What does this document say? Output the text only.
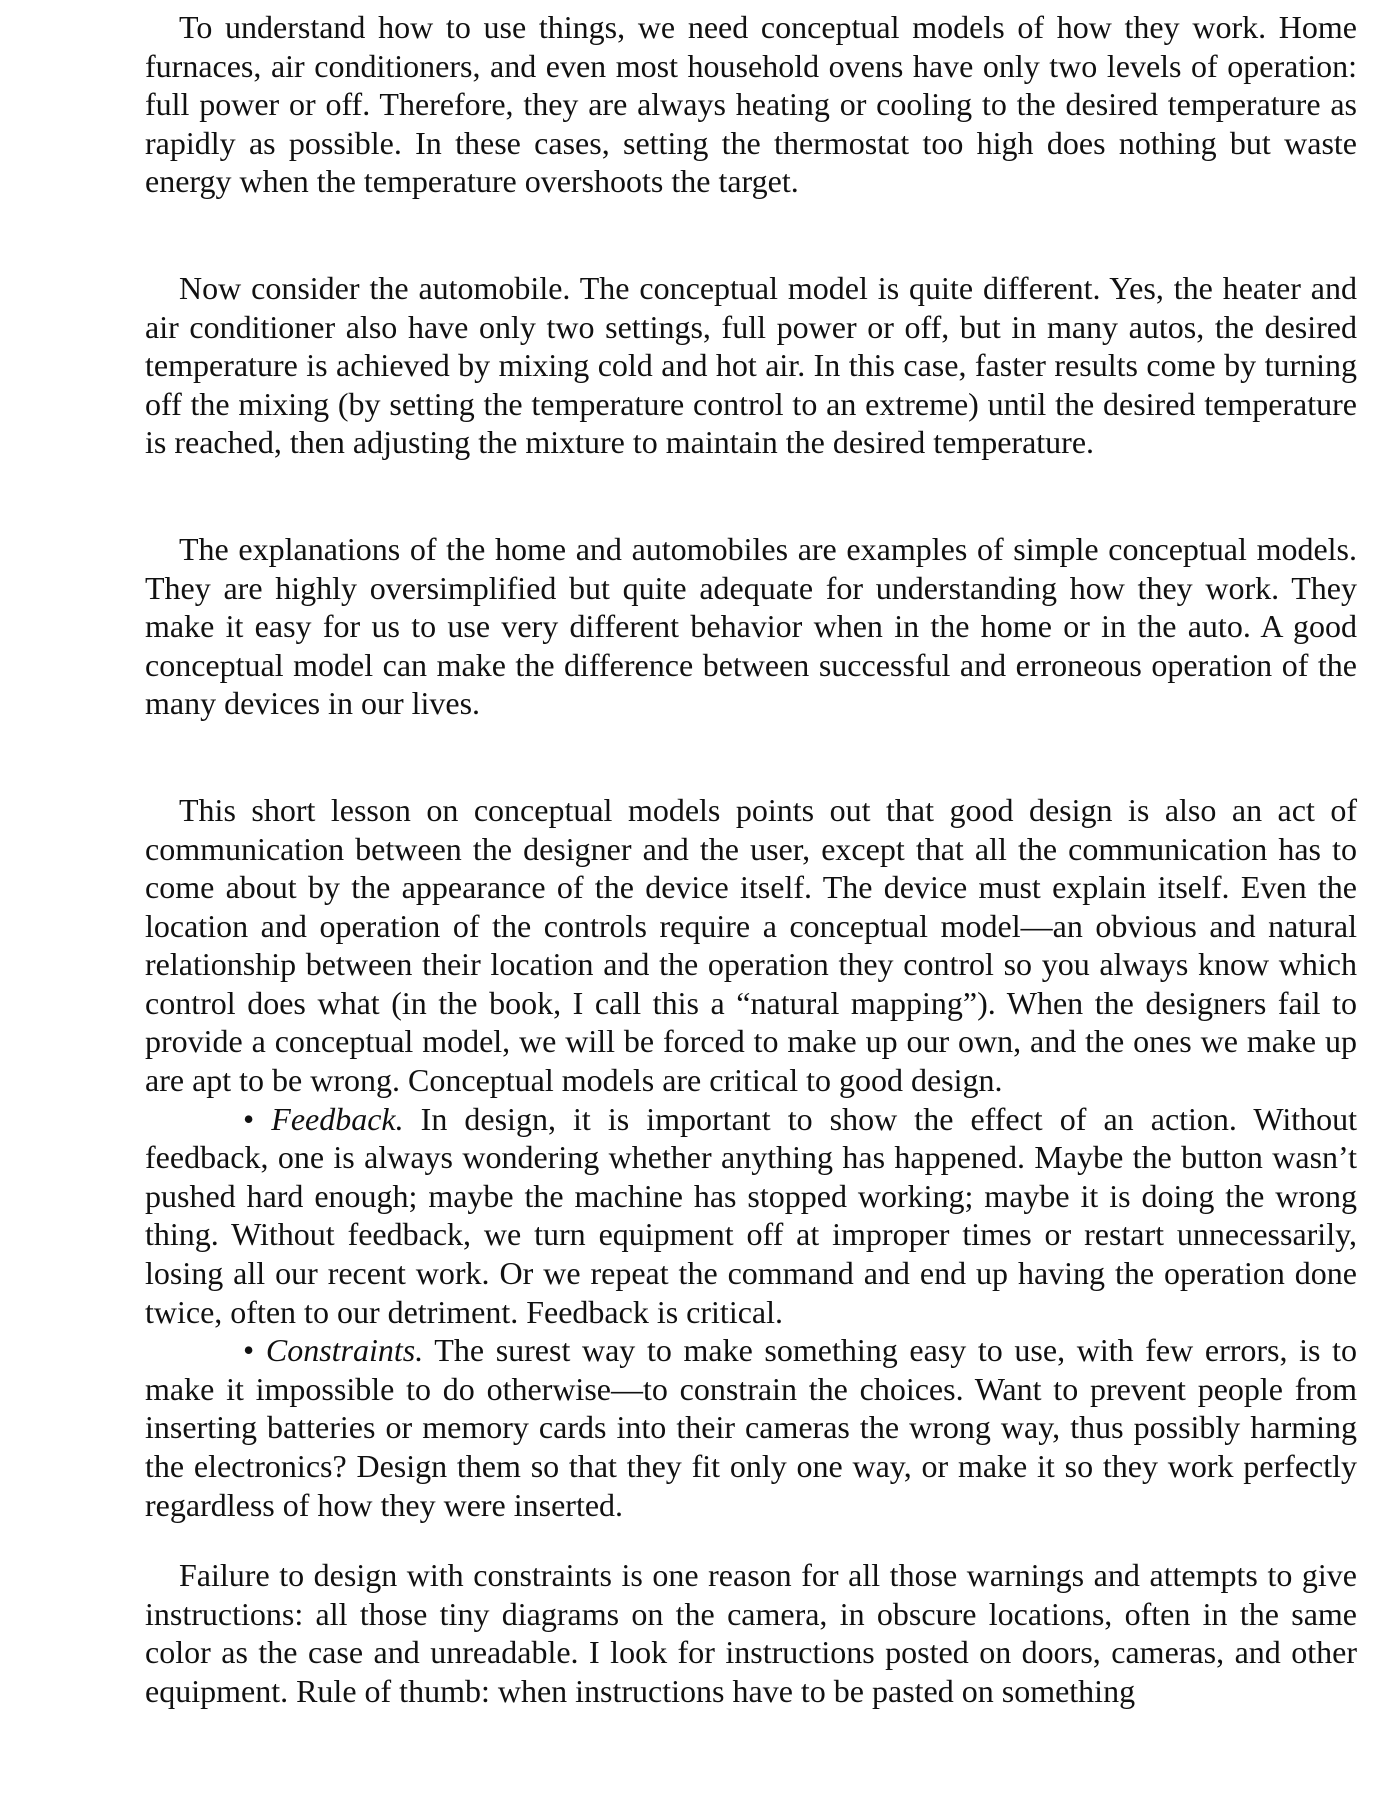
To understand how to use things, we need conceptual models of how they work. Home furnaces, air conditioners, and even most household ovens have only two levels of operation: full power or off. Therefore, they are always heating or cooling to the desired temperature as rapidly as possible. In these cases, setting the thermostat too high does nothing but waste energy when the temperature overshoots the target.

Now consider the automobile. The conceptual model is quite different. Yes, the heater and air conditioner also have only two settings, full power or off, but in many autos, the desired temperature is achieved by mixing cold and hot air. In this case, faster results come by turning off the mixing (by setting the temperature control to an extreme) until the desired temperature is reached, then adjusting the mixture to maintain the desired temperature.

The explanations of the home and automobiles are examples of simple conceptual models. They are highly oversimplified but quite adequate for understanding how they work. They make it easy for us to use very different behavior when in the home or in the auto. A good conceptual model can make the difference between successful and erroneous operation of the many devices in our lives.

This short lesson on conceptual models points out that good design is also an act of communication between the designer and the user, except that all the communication has to come about by the appearance of the device itself. The device must explain itself. Even the location and operation of the controls require a conceptual model—an obvious and natural relationship between their location and the operation they control so you always know which control does what (in the book, I call this a “natural mapping”). When the designers fail to provide a conceptual model, we will be forced to make up our own, and the ones we make up are apt to be wrong. Conceptual models are critical to good design.

• Feedback. In design, it is important to show the effect of an action. Without feedback, one is always wondering whether anything has happened. Maybe the button wasn’t pushed hard enough; maybe the machine has stopped working; maybe it is doing the wrong thing. Without feedback, we turn equipment off at improper times or restart unnecessarily, losing all our recent work. Or we repeat the command and end up having the operation done twice, often to our detriment. Feedback is critical.

• Constraints. The surest way to make something easy to use, with few errors, is to make it impossible to do otherwise—to constrain the choices. Want to prevent people from inserting batteries or memory cards into their cameras the wrong way, thus possibly harming the electronics? Design them so that they fit only one way, or make it so they work perfectly regardless of how they were inserted.

Failure to design with constraints is one reason for all those warnings and attempts to give instructions: all those tiny diagrams on the camera, in obscure locations, often in the same color as the case and unreadable. I look for instructions posted on doors, cameras, and other equipment. Rule of thumb: when instructions have to be pasted on something
